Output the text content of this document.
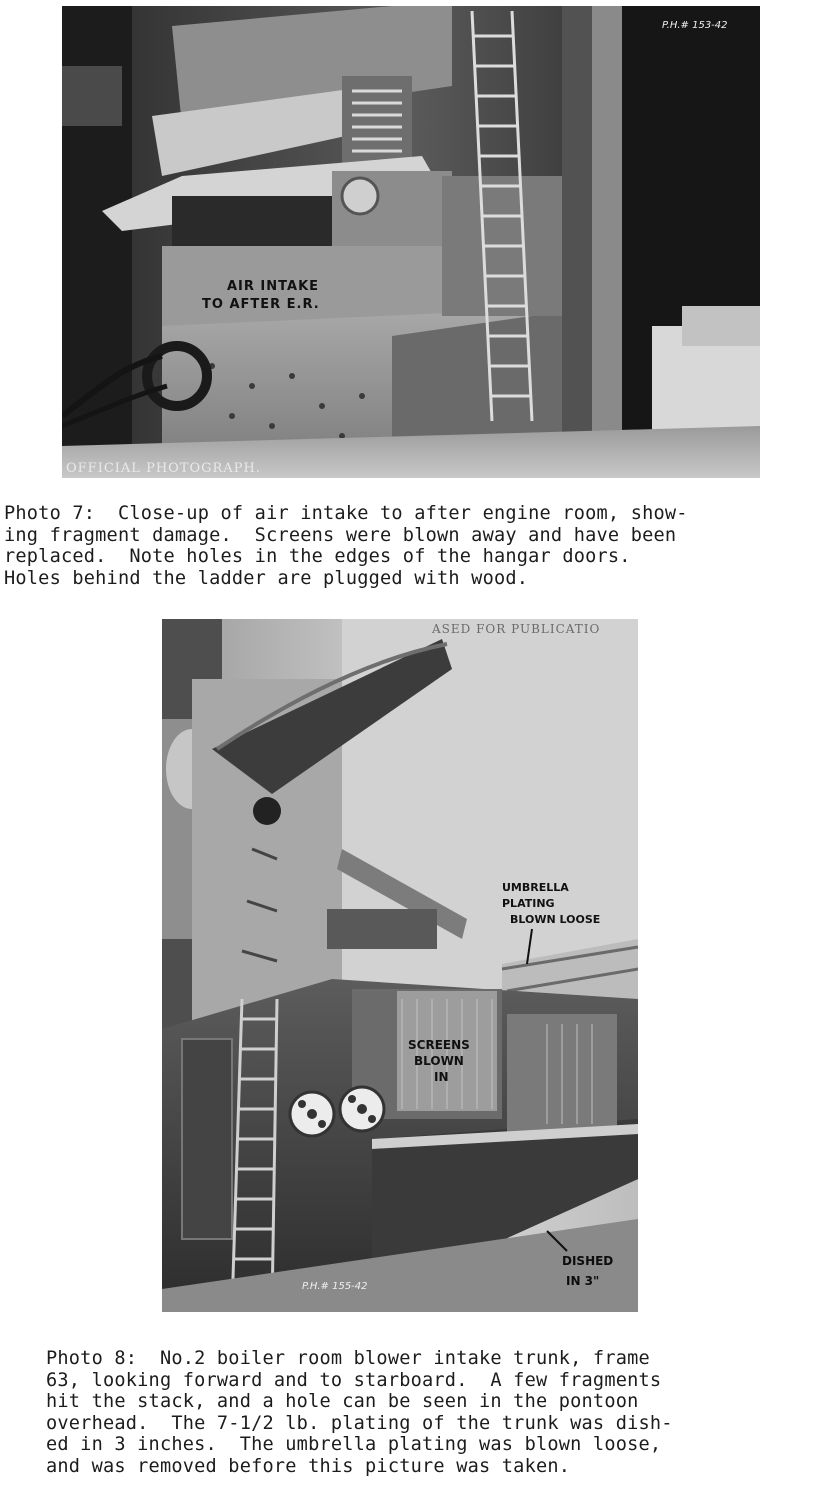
AIR INTAKE
TO AFTER E.R.
P.H.# 153-42
OFFICIAL PHOTOGRAPH.

Photo 7:  Close-up of air intake to after engine room, show-
ing fragment damage.  Screens were blown away and have been
replaced.  Note holes in the edges of the hangar doors.
Holes behind the ladder are plugged with wood.

ASED FOR PUBLICATIO
UMBRELLA
PLATING
BLOWN LOOSE
SCREENS
BLOWN
IN
DISHED
IN 3"
P.H.# 155-42

Photo 8:  No.2 boiler room blower intake trunk, frame
63, looking forward and to starboard.  A few fragments
hit the stack, and a hole can be seen in the pontoon
overhead.  The 7-1/2 lb. plating of the trunk was dish-
ed in 3 inches.  The umbrella plating was blown loose,
and was removed before this picture was taken.
